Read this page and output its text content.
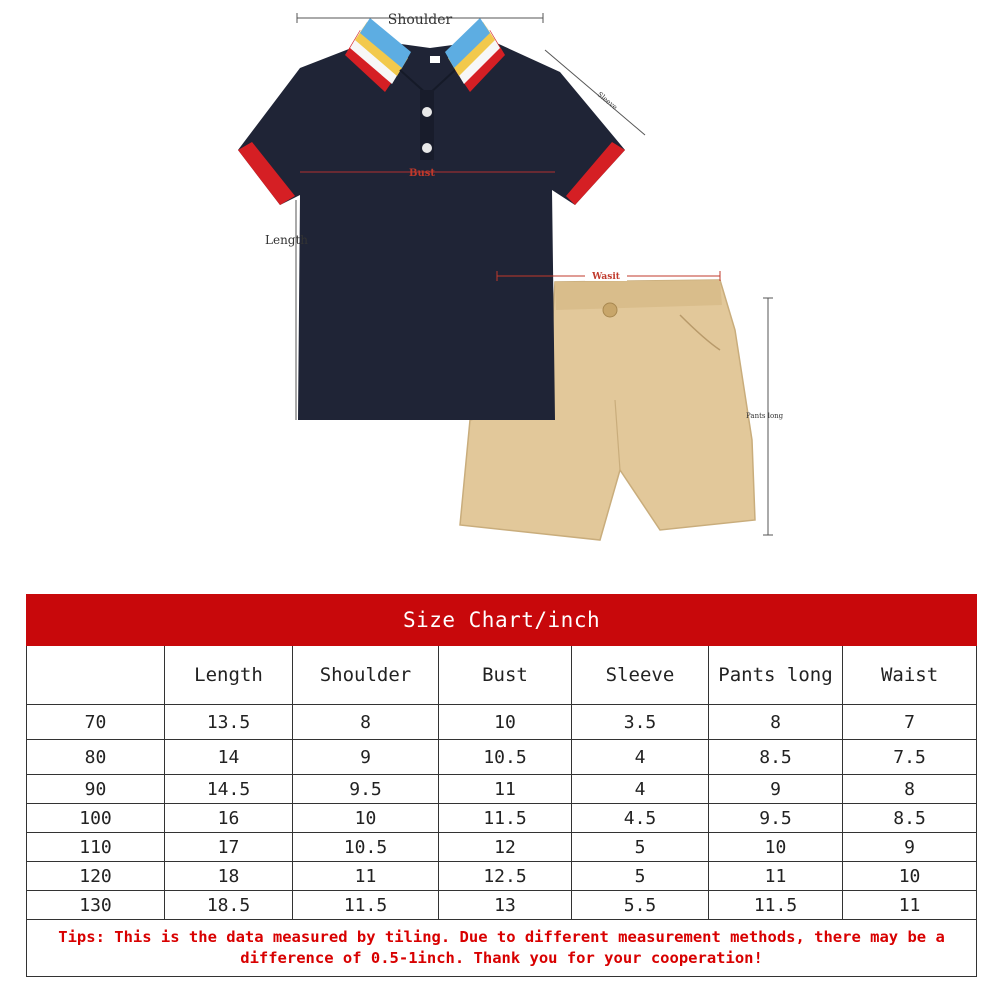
Shoulder
Sleeve
Bust
Length
Wasit
Pants long
Size Chart/inch						
	Length	Shoulder	Bust	Sleeve	Pants long	Waist
70	13.5	8	10	3.5	8	7
80	14	9	10.5	4	8.5	7.5
90	14.5	9.5	11	4	9	8
100	16	10	11.5	4.5	9.5	8.5
110	17	10.5	12	5	10	9
120	18	11	12.5	5	11	10
130	18.5	11.5	13	5.5	11.5	11
Tips: This is the data measured by tiling. Due to different measurement methods, there may be a difference of 0.5-1inch. Thank you for your cooperation!						
